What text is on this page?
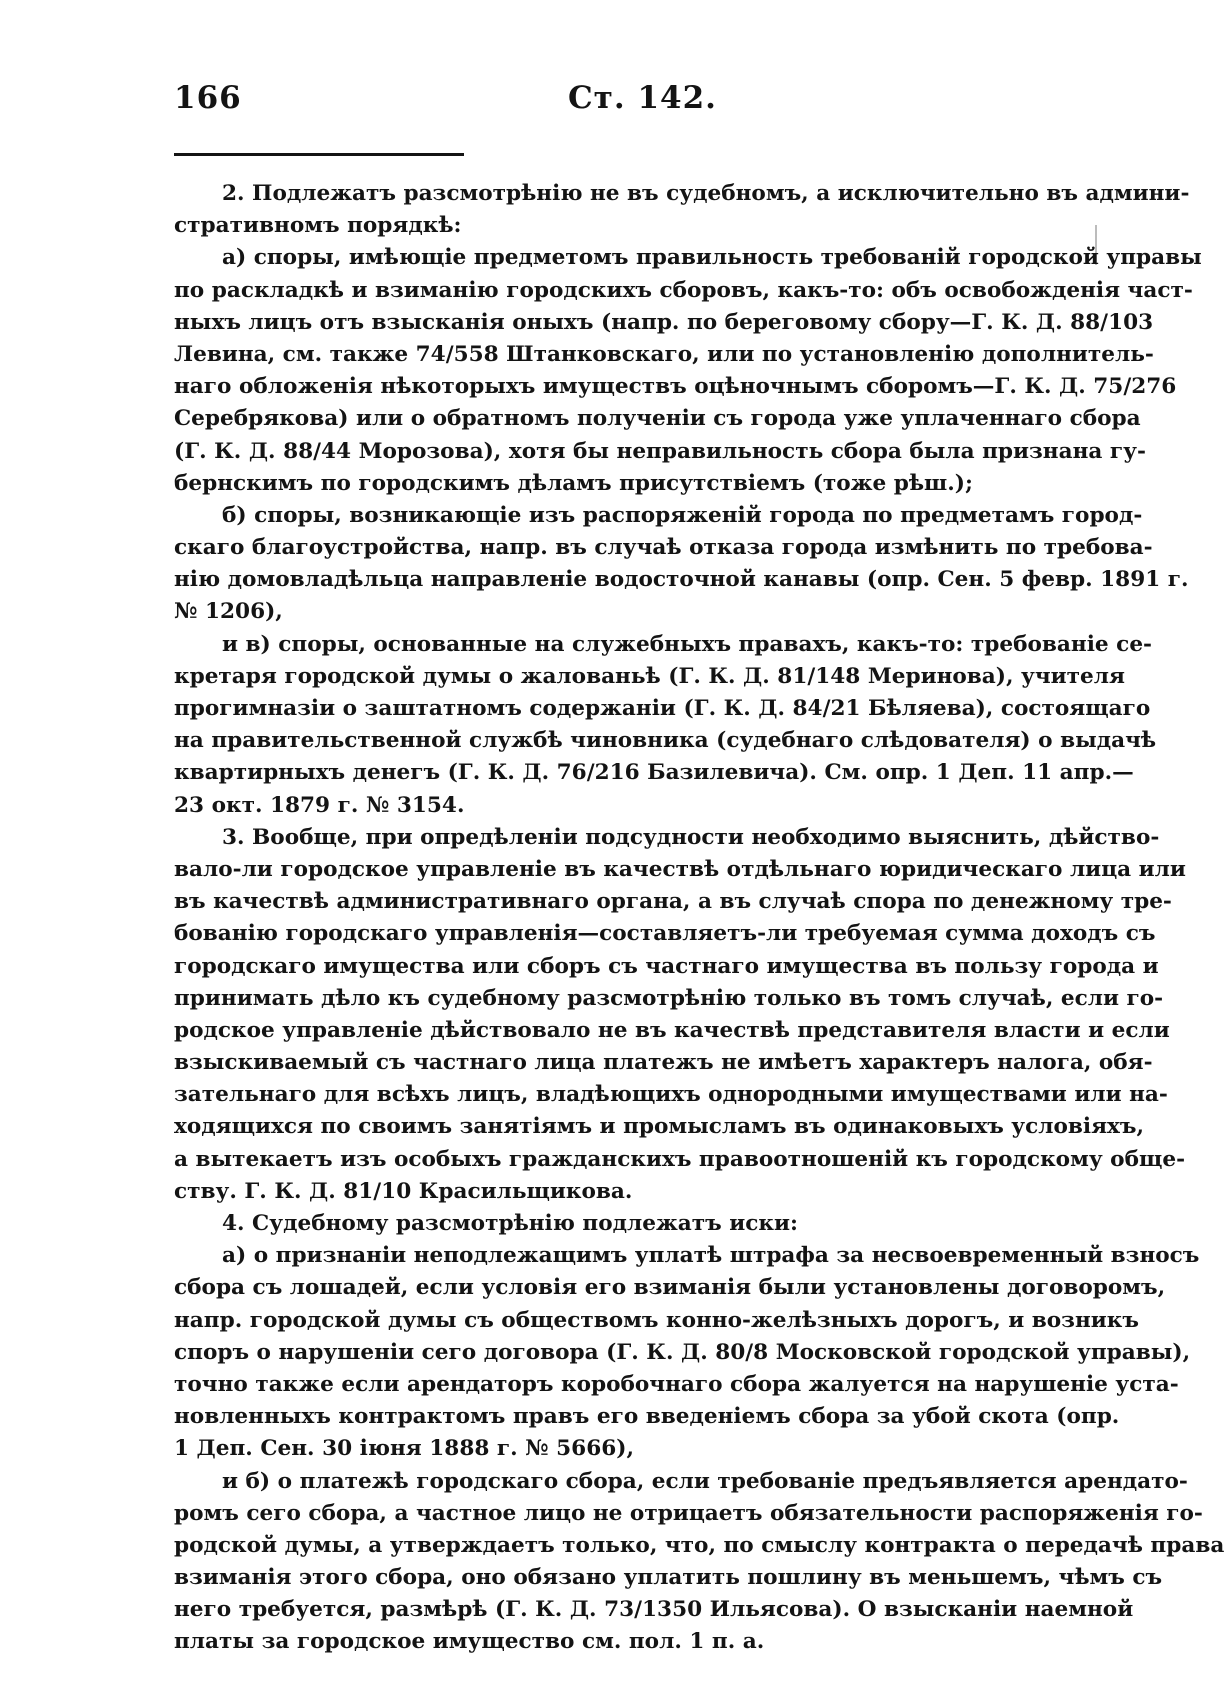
166	Ст. 142.
2. Подлежатъ разсмотрѣнію не въ судебномъ, а исключительно въ админи-
стративномъ порядкѣ:
а) споры, имѣющіе предметомъ правильность требованій городской управы
по раскладкѣ и взиманію городскихъ сборовъ, какъ-то: объ освобожденія част-
ныхъ лицъ отъ взысканія оныхъ (напр. по береговому сбору—Г. К. Д. 88/103
Левина, см. также 74/558 Штанковскаго, или по установленію дополнитель-
наго обложенія нѣкоторыхъ имуществъ оцѣночнымъ сборомъ—Г. К. Д. 75/276
Серебрякова) или о обратномъ полученіи съ города уже уплаченнаго сбора
(Г. К. Д. 88/44 Морозова), хотя бы неправильность сбора была признана гу-
бернскимъ по городскимъ дѣламъ присутствіемъ (тоже рѣш.);
б) споры, возникающіе изъ распоряженій города по предметамъ город-
скаго благоустройства, напр. въ случаѣ отказа города измѣнить по требова-
нію домовладѣльца направленіе водосточной канавы (опр. Сен. 5 февр. 1891 г.
№ 1206),
и в) споры, основанные на служебныхъ правахъ, какъ-то: требованіе се-
кретаря городской думы о жалованьѣ (Г. К. Д. 81/148 Меринова), учителя
прогимназіи о заштатномъ содержаніи (Г. К. Д. 84/21 Бѣляева), состоящаго
на правительственной службѣ чиновника (судебнаго слѣдователя) о выдачѣ
квартирныхъ денегъ (Г. К. Д. 76/216 Базилевича). См. опр. 1 Деп. 11 апр.—
23 окт. 1879 г. № 3154.
3. Вообще, при опредѣленіи подсудности необходимо выяснить, дѣйство-
вало-ли городское управленіе въ качествѣ отдѣльнаго юридическаго лица или
въ качествѣ административнаго органа, а въ случаѣ спора по денежному тре-
бованію городскаго управленія—составляетъ-ли требуемая сумма доходъ съ
городскаго имущества или сборъ съ частнаго имущества въ пользу города и
принимать дѣло къ судебному разсмотрѣнію только въ томъ случаѣ, если го-
родское управленіе дѣйствовало не въ качествѣ представителя власти и если
взыскиваемый съ частнаго лица платежъ не имѣетъ характеръ налога, обя-
зательнаго для всѣхъ лицъ, владѣющихъ однородными имуществами или на-
ходящихся по своимъ занятіямъ и промысламъ въ одинаковыхъ условіяхъ,
а вытекаетъ изъ особыхъ гражданскихъ правоотношеній къ городскому обще-
ству. Г. К. Д. 81/10 Красильщикова.
4. Судебному разсмотрѣнію подлежатъ иски:
а) о признаніи неподлежащимъ уплатѣ штрафа за несвоевременный взносъ
сбора съ лошадей, если условія его взиманія были установлены договоромъ,
напр. городской думы съ обществомъ конно-желѣзныхъ дорогъ, и возникъ
споръ о нарушеніи сего договора (Г. К. Д. 80/8 Московской городской управы),
точно также если арендаторъ коробочнаго сбора жалуется на нарушеніе уста-
новленныхъ контрактомъ правъ его введеніемъ сбора за убой скота (опр.
1 Деп. Сен. 30 іюня 1888 г. № 5666),
и б) о платежѣ городскаго сбора, если требованіе предъявляется арендато-
ромъ сего сбора, а частное лицо не отрицаетъ обязательности распоряженія го-
родской думы, а утверждаетъ только, что, по смыслу контракта о передачѣ права
взиманія этого сбора, оно обязано уплатить пошлину въ меньшемъ, чѣмъ съ
него требуется, размѣрѣ (Г. К. Д. 73/1350 Ильясова). О взысканіи наемной
платы за городское имущество см. пол. 1 п. а.
